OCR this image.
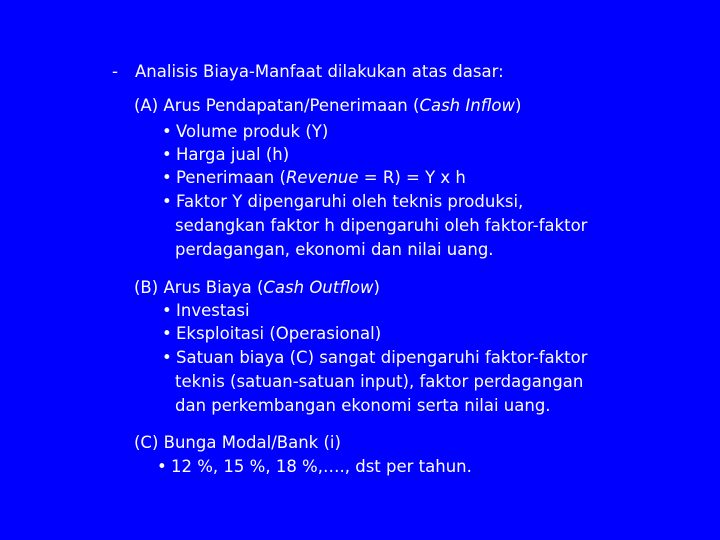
- Analisis Biaya-Manfaat dilakukan atas dasar:
(A) Arus Pendapatan/Penerimaan (Cash Inflow)
• Volume produk (Y)
• Harga jual (h)
• Penerimaan (Revenue = R) = Y x h
• Faktor Y dipengaruhi oleh teknis produksi,
sedangkan faktor h dipengaruhi oleh faktor-faktor
perdagangan, ekonomi dan nilai uang.
(B) Arus Biaya (Cash Outflow)
• Investasi
• Eksploitasi (Operasional)
• Satuan biaya (C) sangat dipengaruhi faktor-faktor
teknis (satuan-satuan input), faktor perdagangan
dan perkembangan ekonomi serta nilai uang.
(C) Bunga Modal/Bank (i)
• 12 %, 15 %, 18 %,…., dst per tahun.
